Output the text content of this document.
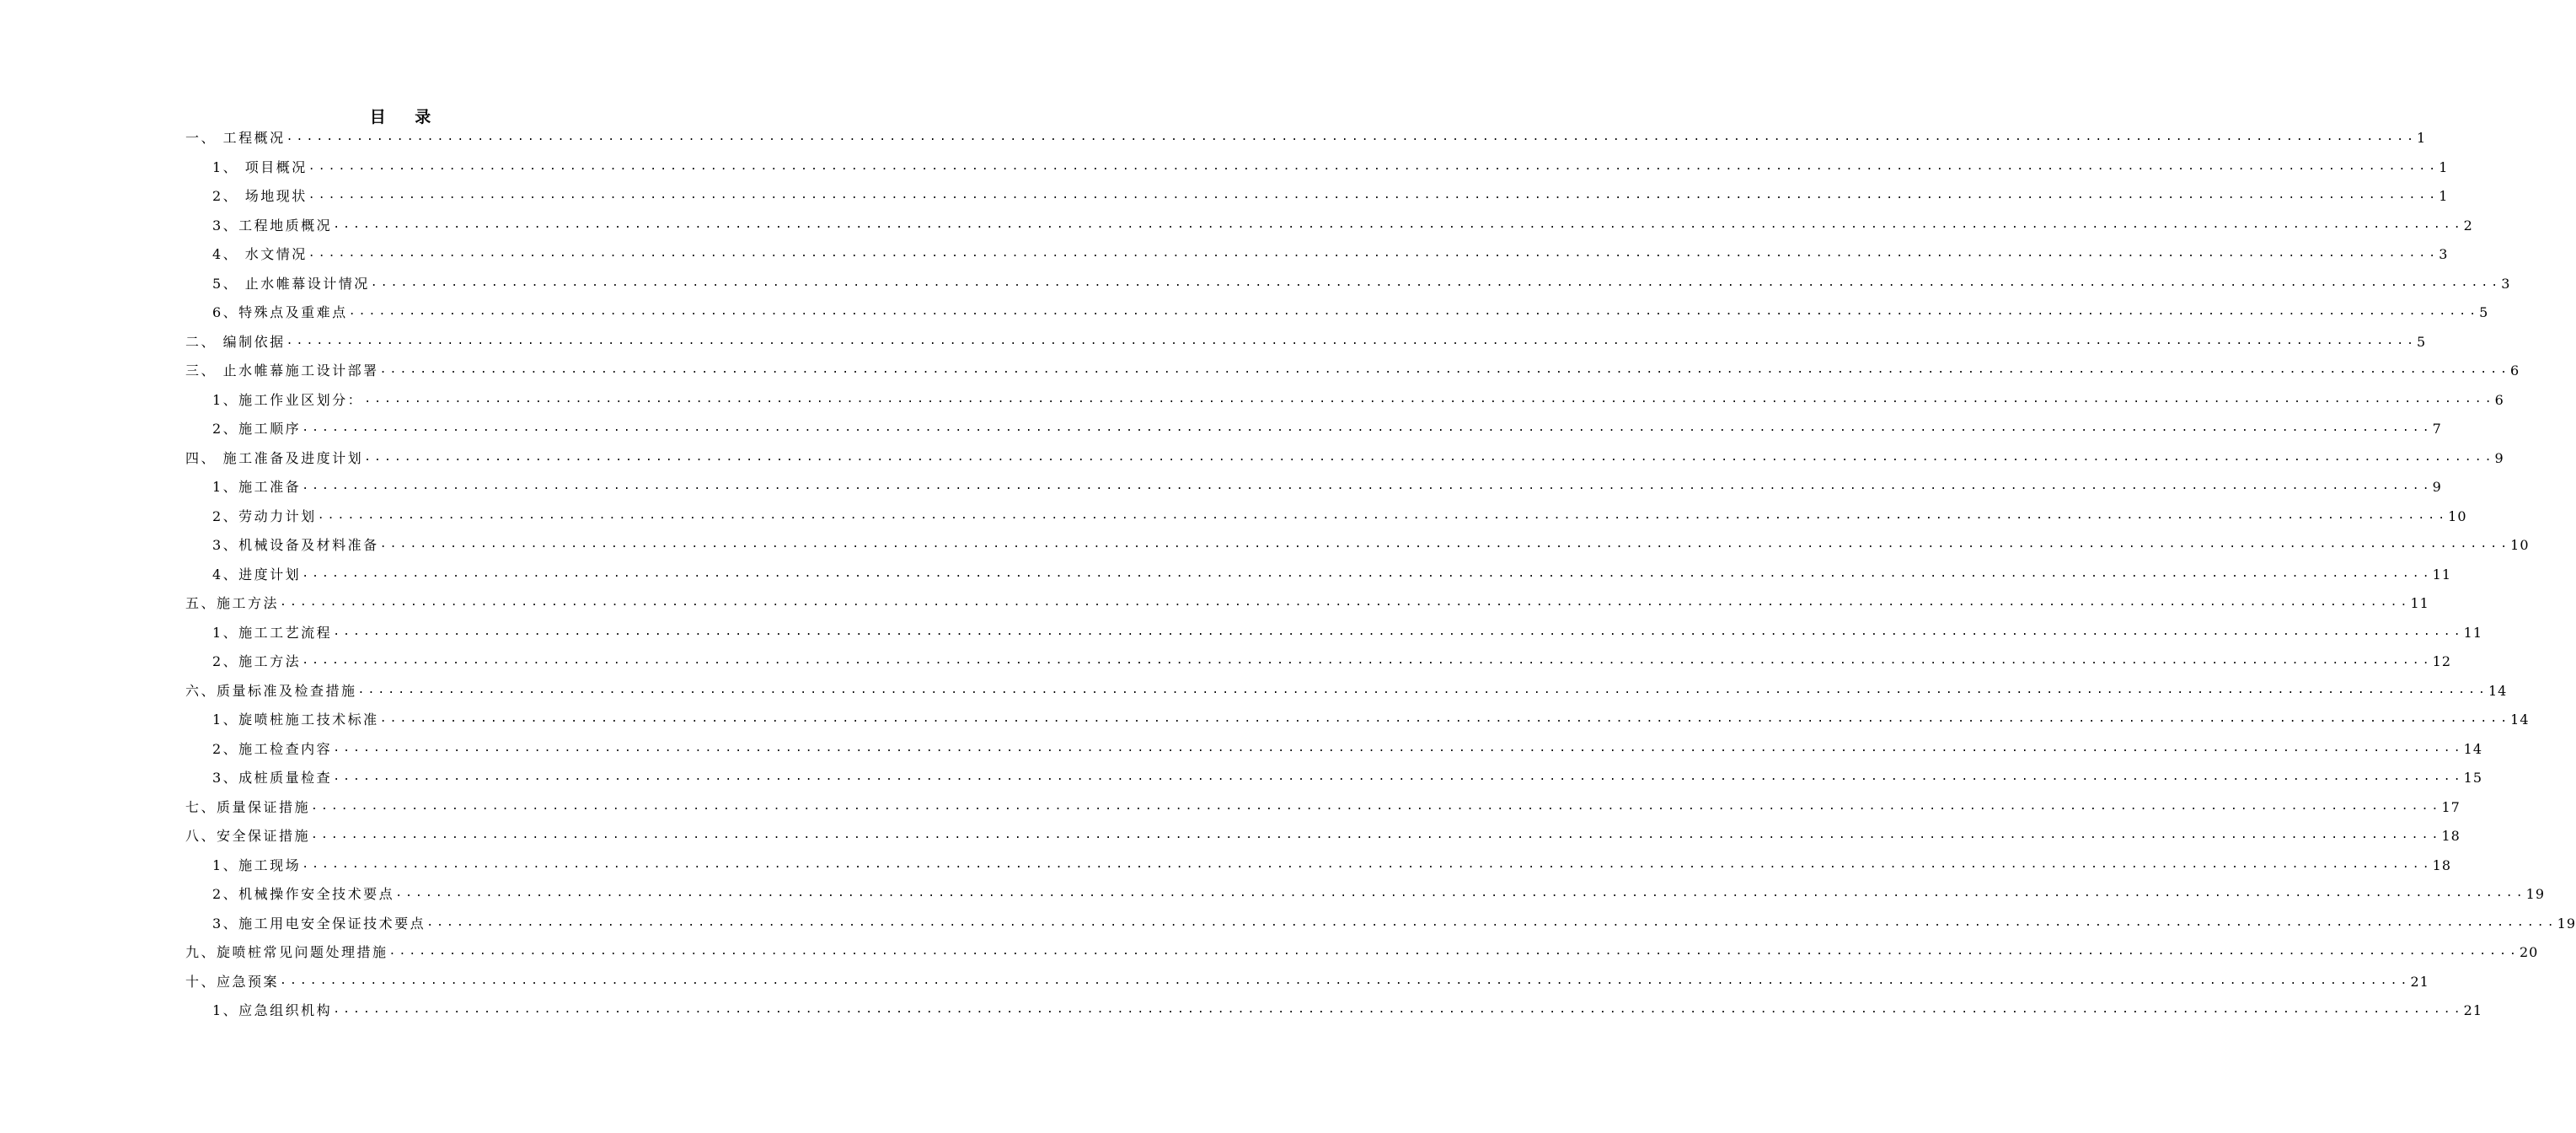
目 录
一、 工程概况 .................................................................................................................................................................................................................... 1
1、 项目概况 .................................................................................................................................................................................................................... 1
2、 场地现状 .................................................................................................................................................................................................................... 1
3、工程地质概况 .................................................................................................................................................................................................................... 2
4、 水文情况 .................................................................................................................................................................................................................... 3
5、 止水帷幕设计情况 .................................................................................................................................................................................................................... 3
6、特殊点及重难点 .................................................................................................................................................................................................................... 5
二、 编制依据 .................................................................................................................................................................................................................... 5
三、 止水帷幕施工设计部署 .................................................................................................................................................................................................................... 6
1、施工作业区划分： .................................................................................................................................................................................................................... 6
2、施工顺序 .................................................................................................................................................................................................................... 7
四、 施工准备及进度计划 .................................................................................................................................................................................................................... 9
1、施工准备 .................................................................................................................................................................................................................... 9
2、劳动力计划 .................................................................................................................................................................................................................... 10
3、机械设备及材料准备 .................................................................................................................................................................................................................... 10
4、进度计划 .................................................................................................................................................................................................................... 11
五、施工方法 .................................................................................................................................................................................................................... 11
1、施工工艺流程 .................................................................................................................................................................................................................... 11
2、施工方法 .................................................................................................................................................................................................................... 12
六、质量标准及检查措施 .................................................................................................................................................................................................................... 14
1、旋喷桩施工技术标准 .................................................................................................................................................................................................................... 14
2、施工检查内容 .................................................................................................................................................................................................................... 14
3、成桩质量检查 .................................................................................................................................................................................................................... 15
七、质量保证措施 .................................................................................................................................................................................................................... 17
八、安全保证措施 .................................................................................................................................................................................................................... 18
1、施工现场 .................................................................................................................................................................................................................... 18
2、机械操作安全技术要点 .................................................................................................................................................................................................................... 19
3、施工用电安全保证技术要点 .................................................................................................................................................................................................................... 19
九、旋喷桩常见问题处理措施 .................................................................................................................................................................................................................... 20
十、应急预案 .................................................................................................................................................................................................................... 21
1、应急组织机构 .................................................................................................................................................................................................................... 21
